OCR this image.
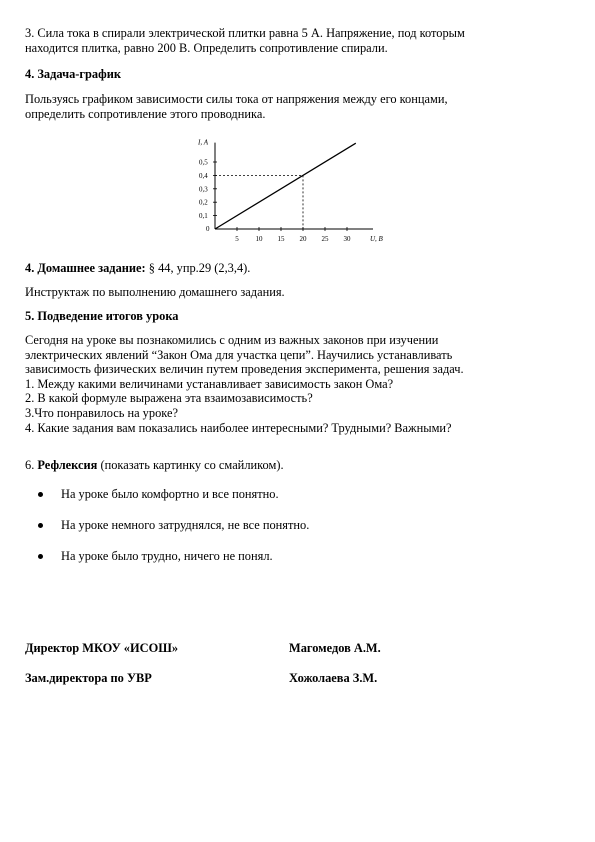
3. Сила тока в спирали электрической плитки равна 5 А. Напряжение, под которым
находится плитка, равно 200 В. Определить сопротивление спирали.
4. Задача-график
Пользуясь графиком зависимости силы тока от напряжения между его концами,
определить сопротивление этого проводника.
I, A
U, B
0
0,1
0,2
0,3
0,4
0,5
5 10 15 20 25 30
4. Домашнее задание: § 44, упр.29 (2,3,4).
Инструктаж по выполнению домашнего задания.
5. Подведение итогов урока
Сегодня на уроке вы познакомились с одним из важных законов при изучении
электрических явлений “Закон Ома для участка цепи”. Научились устанавливать
зависимость физических величин путем проведения эксперимента, решения задач.
1. Между какими величинами устанавливает зависимость закон Ома?
2. В какой формуле выражена эта взаимозависимость?
3.Что понравилось на уроке?
4. Какие задания вам показались наиболее интересными? Трудными? Важными?
6. Рефлексия (показать картинку со смайликом).
На уроке было комфортно и все понятно.
На уроке немного затруднялся, не все понятно.
На уроке было трудно, ничего не понял.
Директор МКОУ «ИСОШ»	Магомедов А.М.
Зам.директора по УВР	Хожолаева З.М.
